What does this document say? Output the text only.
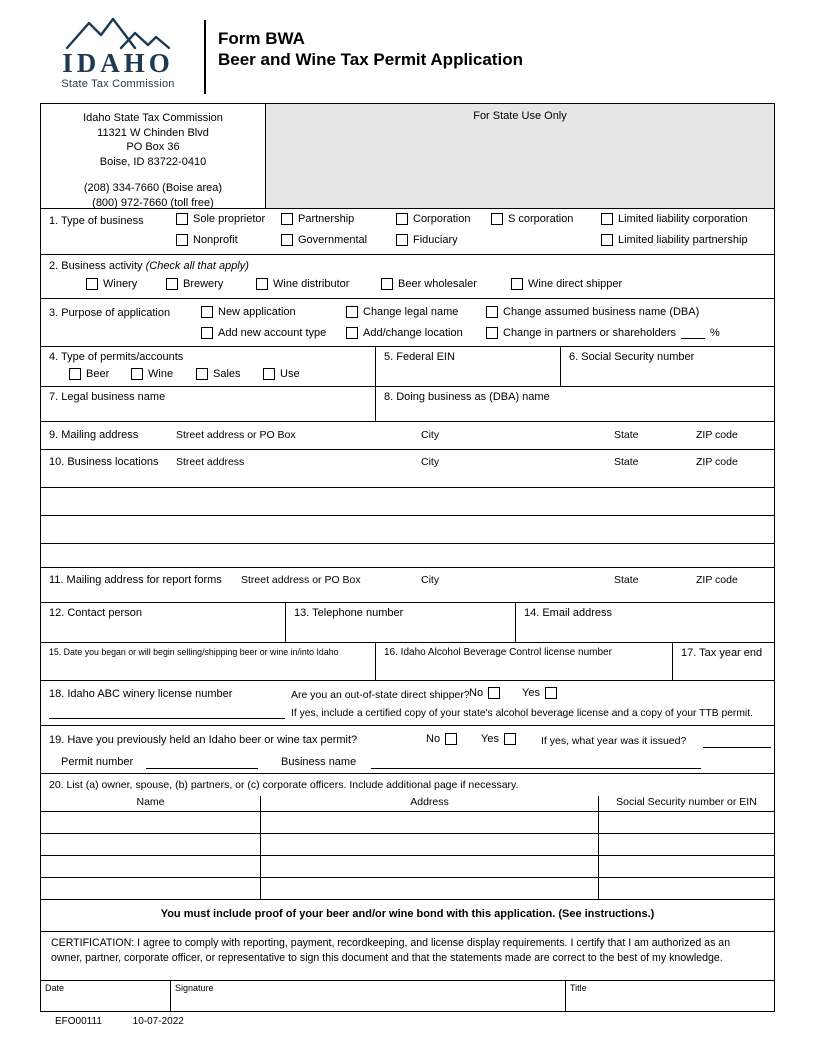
IDAHO
State Tax Commission
Form BWA
Beer and Wine Tax Permit Application
Idaho State Tax Commission
11321 W Chinden Blvd
PO Box 36
Boise, ID 83722-0410
(208) 334-7660 (Boise area)
(800) 972-7660 (toll free)
For State Use Only
1. Type of business	Sole proprietor	Partnership	Corporation	S corporation	Limited liability corporation
Nonprofit	Governmental	Fiduciary	Limited liability partnership
2. Business activity (Check all that apply)
Winery	Brewery	Wine distributor	Beer wholesaler	Wine direct shipper
3. Purpose of application	New application	Change legal name	Change assumed business name (DBA)
Add new account type	Add/change location	Change in partners or shareholders	%
4. Type of permits/accounts
Beer	Wine	Sales	Use
5. Federal EIN	6. Social Security number
7. Legal business name	8. Doing business as (DBA) name
9. Mailing address	Street address or PO Box	City	State	ZIP code
10. Business locations Street address	City	State	ZIP code
11. Mailing address for report forms Street address or PO Box	City	State	ZIP code
12. Contact person	13. Telephone number	14. Email address
15. Date you began or will begin selling/shipping beer or wine in/into Idaho	16. Idaho Alcohol Beverage Control license number	17. Tax year end
18. Idaho ABC winery license number	Are you an out-of-state direct shipper? No	Yes
If yes, include a certified copy of your state's alcohol beverage license and a copy of your TTB permit.
19. Have you previously held an Idaho beer or wine tax permit?	No	Yes	If yes, what year was it issued?
Permit number	Business name
20. List (a) owner, spouse, (b) partners, or (c) corporate officers. Include additional page if necessary.
Name	Address	Social Security number or EIN
You must include proof of your beer and/or wine bond with this application. (See instructions.)
CERTIFICATION: I agree to comply with reporting, payment, recordkeeping, and license display requirements. I certify that I am authorized as an owner, partner, corporate officer, or representative to sign this document and that the statements made are correct to the best of my knowledge.
Date	Signature	Title
EFO00111	10-07-2022
